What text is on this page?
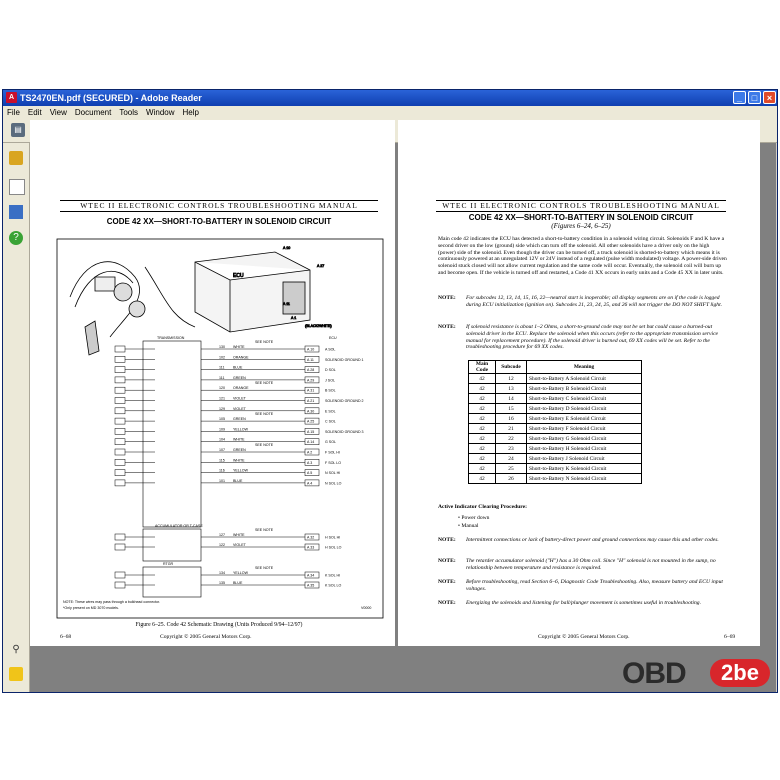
A TS2470EN.pdf (SECURED) - Adobe Reader	_	□	×
File Edit View Document Tools Window Help
▤
?
⚲
WTEC II ELECTRONIC CONTROLS TROUBLESHOOTING MANUAL
CODE 42 XX—SHORT-TO-BATTERY IN SOLENOID CIRCUIT
ECU
A 10
A 27
A 11
A 1
(BLACK/WHITE)
TRANSMISSION	ECU
130 WHITE
A 10	A SOL
102 ORANGE
A 11	SOLENOID GROUND 1
111 BLUE
A 28	D SOL
111 GREEN
A 29	J SOL
120 ORANGE
A 31	B SOL
121 VIOLET
A 21	SOLENOID GROUND 2
129 VIOLET
A 30	E SOL
105 GREEN
A 25	C SOL
109 YELLOW
A 15	SOLENOID GROUND 3
104 WHITE
A 14	G SOL
107 GREEN
A 2	F SOL HI
115 WHITE
A 3	F SOL LO
116 YELLOW
A 5	N SOL HI
101 BLUE
A 4	N SOL LO
127 WHITE
A 32	H SOL HI
122 VIOLET
A 33	H SOL LO
134 YELLOW
A 34	K SOL HI
135 BLUE
A 35	K SOL LO
SEE NOTE
SEE NOTE
SEE NOTE
SEE NOTE
SEE NOTE
SEE NOTE
ACCUMULATOR OR T-CASE
RTGR
NOTE: These wires may pass through a bulkhead connector.
*Only present on MD 3070 models.	V0000
Figure 6–25. Code 42 Schematic Drawing (Units Produced 9/94–12/97)
6–68	Copyright © 2005 General Motors Corp.
WTEC II ELECTRONIC CONTROLS TROUBLESHOOTING MANUAL
CODE 42 XX—SHORT-TO-BATTERY IN SOLENOID CIRCUIT
(Figures 6–24, 6–25)
Main code 42 indicates the ECU has detected a short-to-battery condition in a solenoid wiring circuit. Solenoids F and K have a second driver on the low (ground) side which can turn off the solenoid. All other solenoids have a driver only on the high (power) side of the solenoid. Even though the driver can be turned off, a truck solenoid is shorted-to-battery which means it is continuously powered at an unregulated 12V or 24V instead of a regulated (pulse width modulated) voltage. A power-side driven solenoid stuck closed will not allow current regulation and the same code will occur. Eventually, the solenoid coil will burn up and become open. If the vehicle is turned off and restarted, a Code 41 XX occurs in early units and a Code 45 XX in later units.
NOTE: For subcodes 12, 13, 14, 15, 16, 22—neutral start is inoperable; all display segments are on if the code is logged during ECU initialization (ignition on). Subcodes 21, 23, 24, 25, and 26 will not trigger the DO NOT SHIFT light.
NOTE: If solenoid resistance is about 1–2 Ohms, a short-to-ground code may not be set but could cause a burned-out solenoid driver in the ECU. Replace the solenoid when this occurs (refer to the appropriate transmission service manual for replacement procedure). If the solenoid driver is burned out, 69 XX codes will be set. Refer to the troubleshooting procedure for 69 XX codes.
Main Code	Subcode	Meaning
42	12	Short-to-Battery A Solenoid Circuit
42	13	Short-to-Battery B Solenoid Circuit
42	14	Short-to-Battery C Solenoid Circuit
42	15	Short-to-Battery D Solenoid Circuit
42	16	Short-to-Battery E Solenoid Circuit
42	21	Short-to-Battery F Solenoid Circuit
42	22	Short-to-Battery G Solenoid Circuit
42	23	Short-to-Battery H Solenoid Circuit
42	24	Short-to-Battery J Solenoid Circuit
42	25	Short-to-Battery K Solenoid Circuit
42	26	Short-to-Battery N Solenoid Circuit
Active Indicator Clearing Procedure:
• Power down
• Manual
NOTE: Intermittent connections or lack of battery-direct power and ground connections may cause this and other codes.
NOTE: The retarder accumulator solenoid ("H") has a 30 Ohm coil. Since "H" solenoid is not mounted in the sump, no relationship between temperature and resistance is required.
NOTE: Before troubleshooting, read Section 6–6, Diagnostic Code Troubleshooting. Also, measure battery and ECU input voltages.
NOTE: Energizing the solenoids and listening for ball/plunger movement is sometimes useful in troubleshooting.
Copyright © 2005 General Motors Corp.	6–69
OBD	2be
